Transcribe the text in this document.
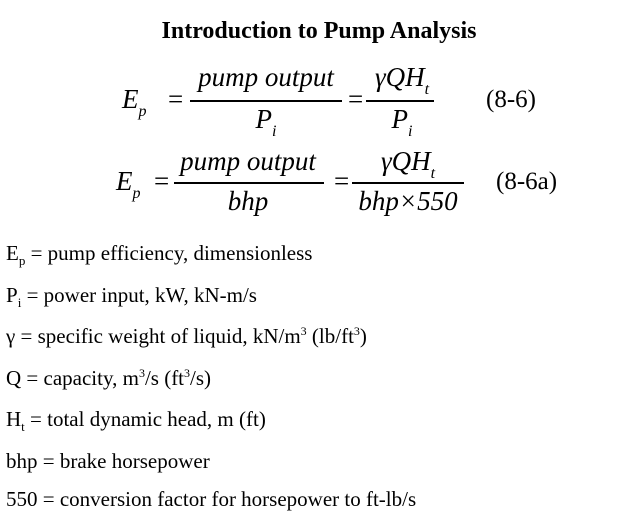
Introduction to Pump Analysis
$E_p$ =
pump output
$P_i$
=
γQH$_t$
$P_i$
(8-6)
$E_p$ =
pump output
bhp
=
γQH$_t$
bhp×550
(8-6a)
$E_p$ = pump efficiency, dimensionless
$P_i$ = power input, kW, kN-m/s
γ = specific weight of liquid, $kN/m^3$ $(lb/ft^3)$
Q = capacity, $m^3/s$ $(ft^3/s)$
$H_t$ = total dynamic head, m (ft)
bhp = brake horsepower
550 = conversion factor for horsepower to ft-lb/s
